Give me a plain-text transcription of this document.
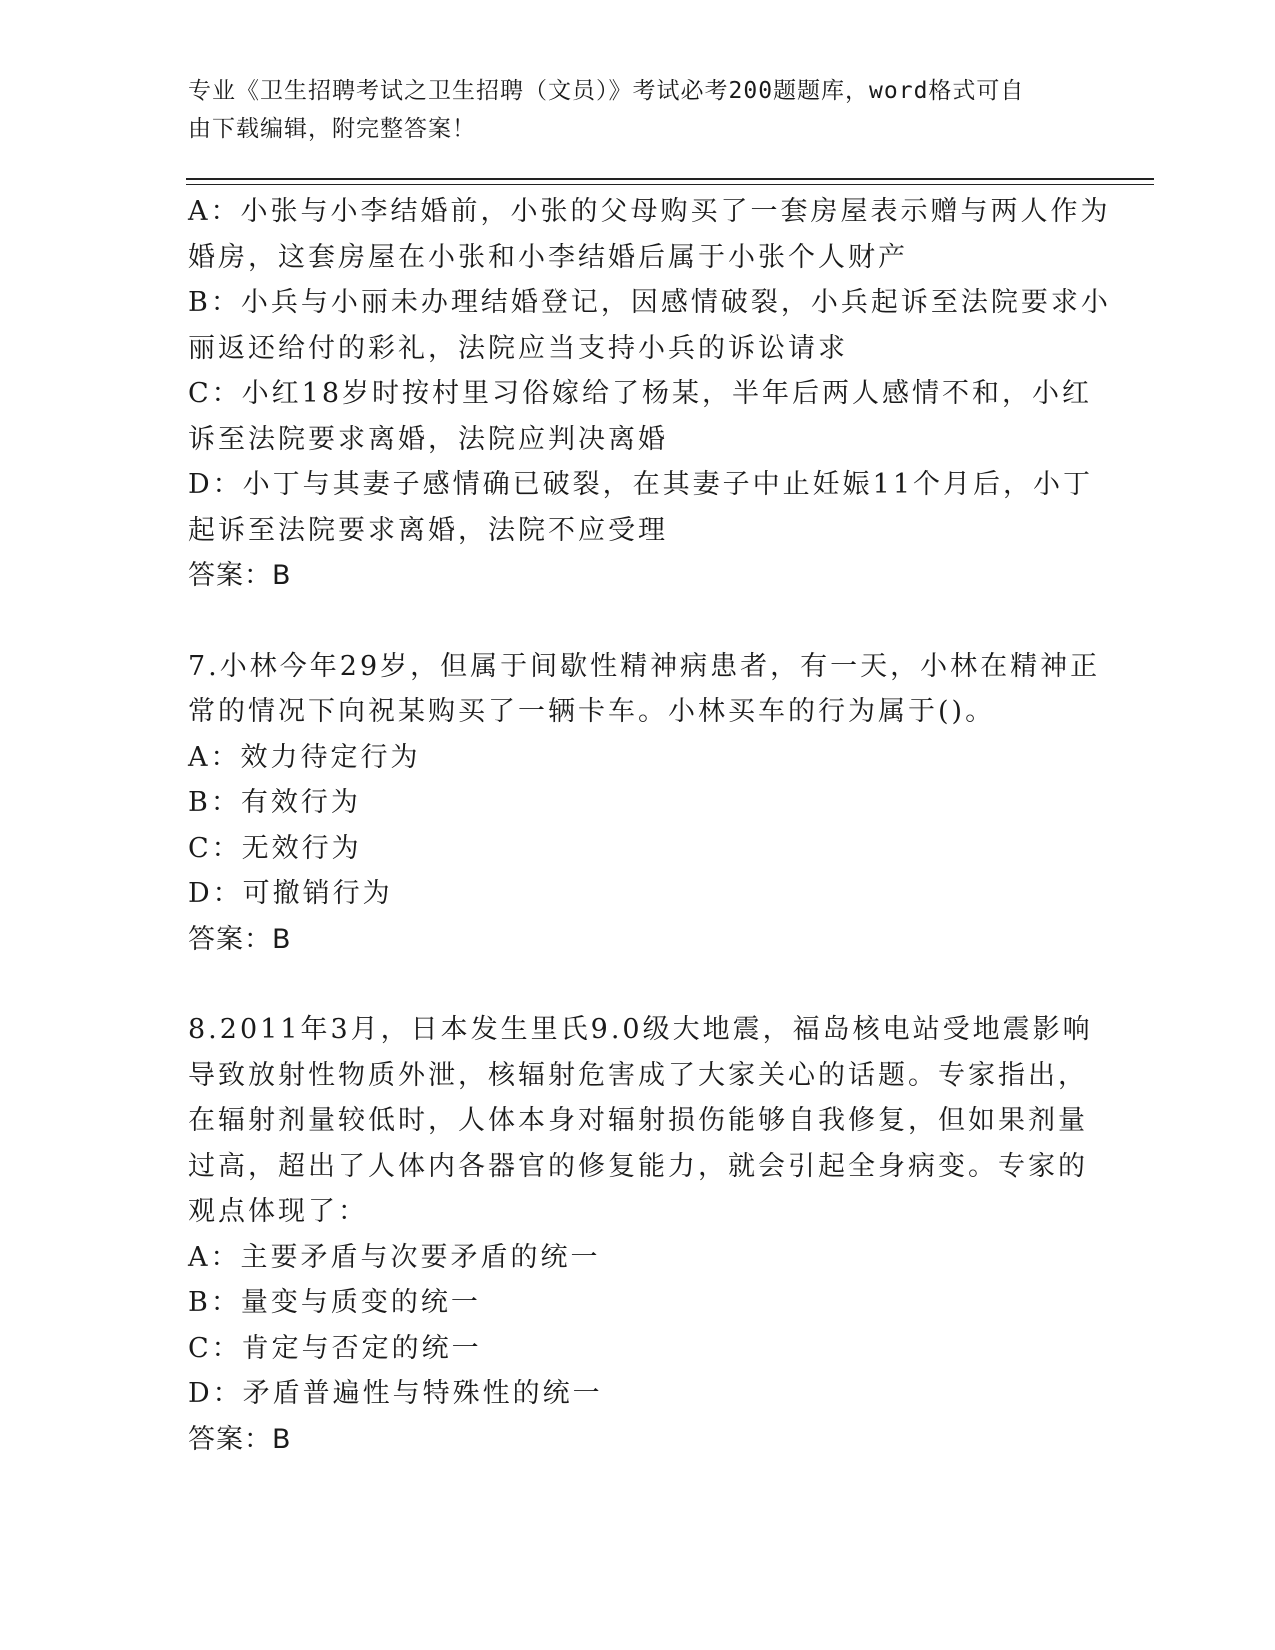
专业《卫生招聘考试之卫生招聘（文员）》考试必考200题题库，word格式可自
由下载编辑，附完整答案！
A：小张与小李结婚前，小张的父母购买了一套房屋表示赠与两人作为
婚房，这套房屋在小张和小李结婚后属于小张个人财产
B：小兵与小丽未办理结婚登记，因感情破裂，小兵起诉至法院要求小
丽返还给付的彩礼，法院应当支持小兵的诉讼请求
C：小红18岁时按村里习俗嫁给了杨某，半年后两人感情不和，小红
诉至法院要求离婚，法院应判决离婚
D：小丁与其妻子感情确已破裂，在其妻子中止妊娠11个月后，小丁
起诉至法院要求离婚，法院不应受理
答案：B
7.小林今年29岁，但属于间歇性精神病患者，有一天，小林在精神正
常的情况下向祝某购买了一辆卡车。小林买车的行为属于()。
A：效力待定行为
B：有效行为
C：无效行为
D：可撤销行为
答案：B
8.2011年3月，日本发生里氏9.0级大地震，福岛核电站受地震影响
导致放射性物质外泄，核辐射危害成了大家关心的话题。专家指出，
在辐射剂量较低时，人体本身对辐射损伤能够自我修复，但如果剂量
过高，超出了人体内各器官的修复能力，就会引起全身病变。专家的
观点体现了：
A：主要矛盾与次要矛盾的统一
B：量变与质变的统一
C：肯定与否定的统一
D：矛盾普遍性与特殊性的统一
答案：B
